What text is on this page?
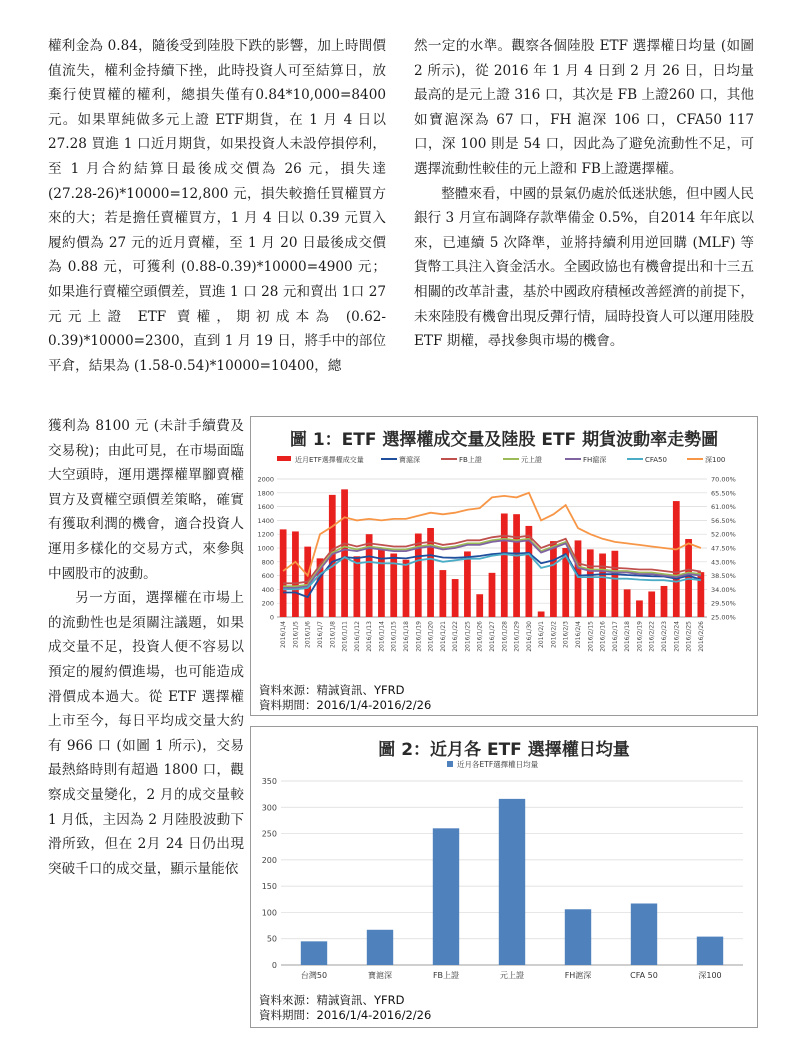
權利金為 0.84，隨後受到陸股下跌的影響，加上時間價值流失，權利金持續下挫，此時投資人可至結算日，放棄行使買權的權利，總損失僅有0.84*10,000=8400 元。如果單純做多元上證 ETF期貨，在 1 月 4 日以 27.28 買進 1 口近月期貨，如果投資人未設停損停利，至 1 月合約結算日最後成交價為 26 元，損失達 (27.28-26)*10000=12,800 元，損失較擔任買權買方來的大；若是擔任賣權買方，1 月 4 日以 0.39 元買入履約價為 27 元的近月賣權，至 1 月 20 日最後成交價為 0.88 元，可獲利 (0.88-0.39)*10000=4900 元；如果進行賣權空頭價差，買進 1 口 28 元和賣出 1口 27 元元上證 ETF 賣權，期初成本為 (0.62-0.39)*10000=2300，直到 1 月 19 日，將手中的部位平倉，結果為 (1.58-0.54)*10000=10400，總

獲利為 8100 元 (未計手續費及交易稅)；由此可見，在市場面臨大空頭時，運用選擇權單腳賣權買方及賣權空頭價差策略，確實有獲取利潤的機會，適合投資人運用多樣化的交易方式，來參與中國股市的波動。

另一方面，選擇權在市場上的流動性也是須關注議題，如果成交量不足，投資人便不容易以預定的履約價進場，也可能造成滑價成本過大。從 ETF 選擇權上市至今，每日平均成交量大約有 966 口 (如圖 1 所示)，交易最熱絡時則有超過 1800 口，觀察成交量變化，2 月的成交量較 1 月低，主因為 2 月陸股波動下滑所致，但在 2月 24 日仍出現突破千口的成交量，顯示量能依

然一定的水準。觀察各個陸股 ETF 選擇權日均量 (如圖 2 所示)，從 2016 年 1 月 4 日到 2 月 26 日，日均量最高的是元上證 316 口，其次是 FB 上證260 口，其他如寶滬深為 67 口，FH 滬深 106 口，CFA50 117 口，深 100 則是 54 口，因此為了避免流動性不足，可選擇流動性較佳的元上證和 FB上證選擇權。

整體來看，中國的景氣仍處於低迷狀態，但中國人民銀行 3 月宣布調降存款準備金 0.5%，自2014 年年底以來，已連續 5 次降準，並將持續利用逆回購 (MLF) 等貨幣工具注入資金活水。全國政協也有機會提出和十三五相關的改革計畫，基於中國政府積極改善經濟的前提下，未來陸股有機會出現反彈行情，屆時投資人可以運用陸股ETF 期權，尋找參與市場的機會。

圖 1：ETF 選擇權成交量及陸股 ETF 期貨波動率走勢圖
近月ETF選擇權成交量	寶滬深	FB上證	元上證	FH滬深	CFA50	深100
0
200
400
600
800
1000
1200
1400
1600
1800
2000
25.00%
29.50%
34.00%
38.50%
43.00%
47.50%
52.00%
56.50%
61.00%
65.50%
70.00%
2016/1/4 2016/1/5 2016/1/6 2016/1/7 2016/1/8 2016/1/11 2016/1/12 2016/1/13 2016/1/14 2016/1/15 2016/1/18 2016/1/19 2016/1/20 2016/1/21 2016/1/22 2016/1/25 2016/1/26 2016/1/27 2016/1/28 2016/1/29 2016/1/30 2016/2/1 2016/2/2 2016/2/3 2016/2/4 2016/2/15 2016/2/16 2016/2/17 2016/2/18 2016/2/19 2016/2/22 2016/2/23 2016/2/24 2016/2/25 2016/2/26
資料來源：精誠資訊、YFRD
資料期間：2016/1/4-2016/2/26
圖 2：近月各 ETF 選擇權日均量
近月各ETF選擇權日均量
0
50
100
150
200
250
300
350
台灣50	寶滬深	FB上證	元上證	FH滬深	CFA 50	深100
資料來源：精誠資訊、YFRD
資料期間：2016/1/4-2016/2/26
